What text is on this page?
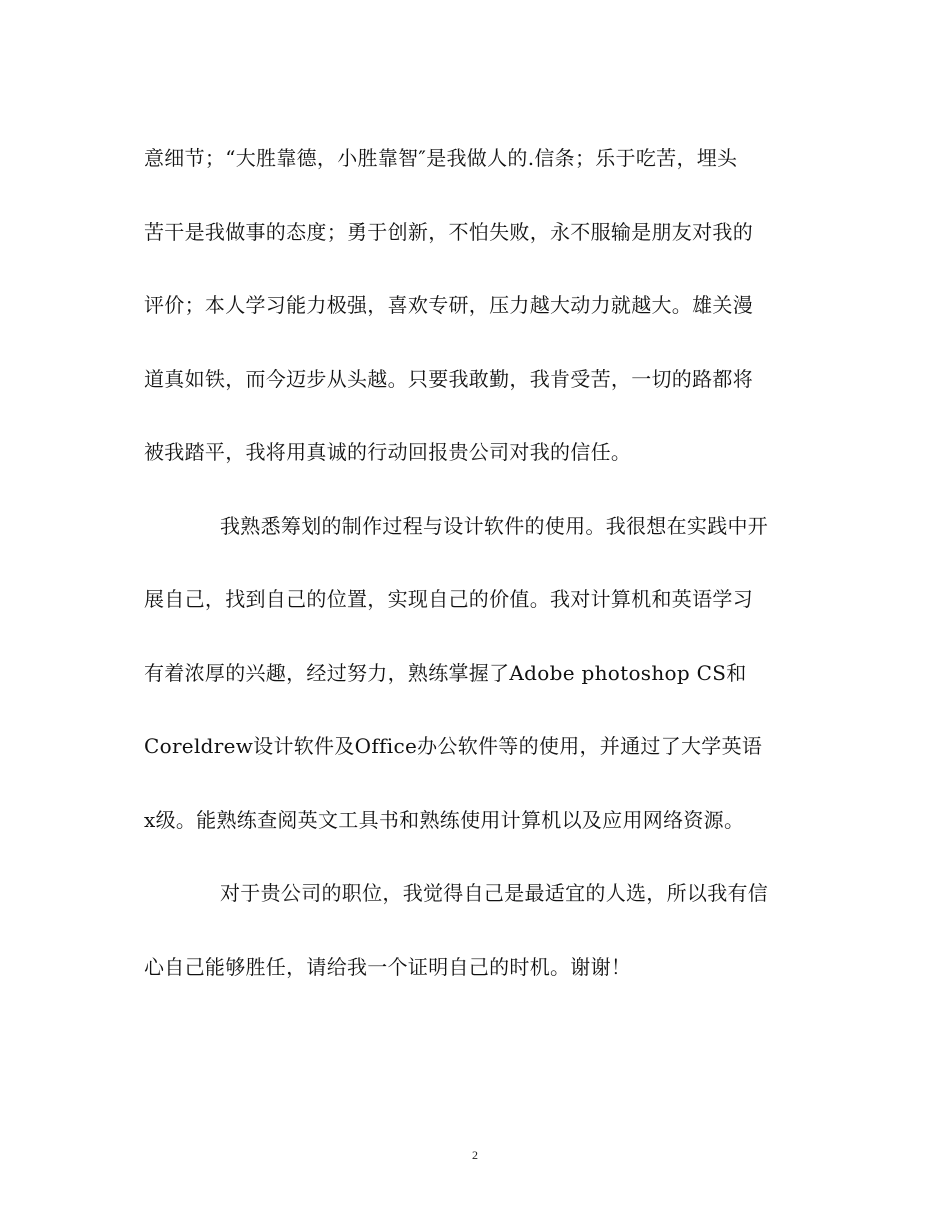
意细节；“大胜靠德，小胜靠智″是我做人的.信条；乐于吃苦，埋头
苦干是我做事的态度；勇于创新，不怕失败，永不服输是朋友对我的
评价；本人学习能力极强，喜欢专研，压力越大动力就越大。雄关漫
道真如铁，而今迈步从头越。只要我敢勤，我肯受苦，一切的路都将
被我踏平，我将用真诚的行动回报贵公司对我的信任。
我熟悉筹划的制作过程与设计软件的使用。我很想在实践中开
展自己，找到自己的位置，实现自己的价值。我对计算机和英语学习
有着浓厚的兴趣，经过努力，熟练掌握了Adobe photoshop CS和
Coreldrew设计软件及Office办公软件等的使用，并通过了大学英语
x级。能熟练查阅英文工具书和熟练使用计算机以及应用网络资源。
对于贵公司的职位，我觉得自己是最适宜的人选，所以我有信
心自己能够胜任，请给我一个证明自己的时机。谢谢！
2
